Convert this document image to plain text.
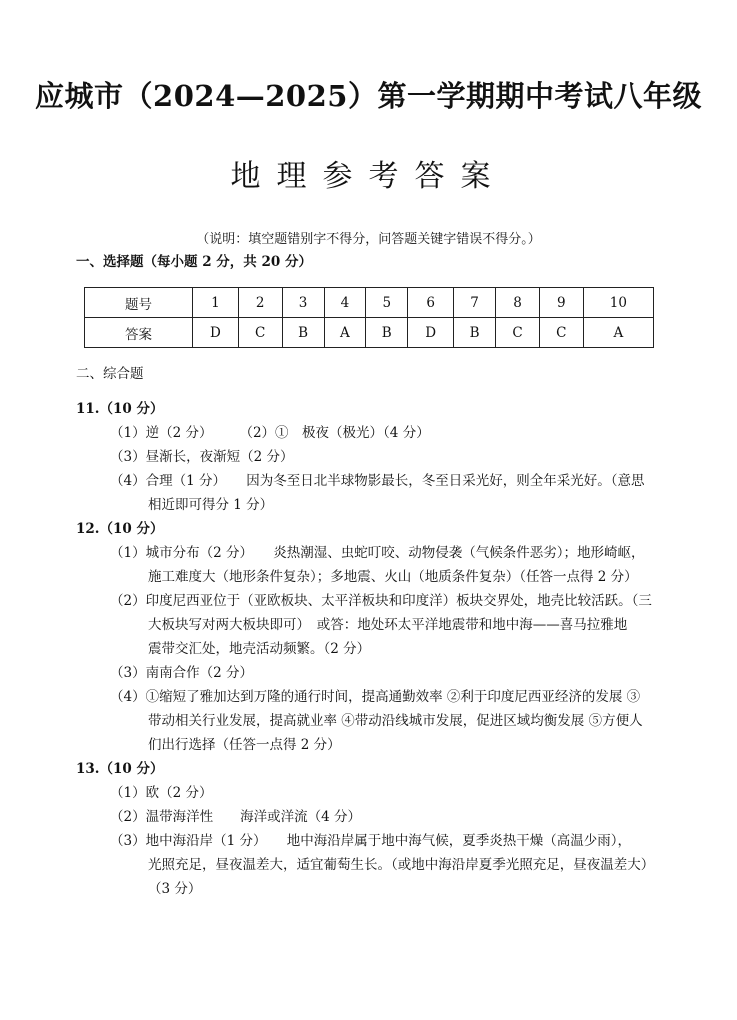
应城市（2024—2025）第一学期期中考试八年级
地理参考答案
（说明：填空题错别字不得分，问答题关键字错误不得分。）
一、选择题（每小题 2 分，共 20 分）
题号	1	2	3	4	5	6	7	8	9	10
答案	D	C	B	A	B	D	B	C	C	A
二、综合题
11.（10 分）
（1）逆（2 分）　　　（2）①　极夜（极光）（4 分）
（3）昼渐长，夜渐短（2 分）
（4）合理（1 分）　　因为冬至日北半球物影最长，冬至日采光好，则全年采光好。（意思
相近即可得分 1 分）
12.（10 分）
（1）城市分布（2 分）　　炎热潮湿、虫蛇叮咬、动物侵袭（气候条件恶劣）；地形崎岖，
施工难度大（地形条件复杂）；多地震、火山（地质条件复杂）（任答一点得 2 分）
（2）印度尼西亚位于（亚欧板块、太平洋板块和印度洋）板块交界处，地壳比较活跃。（三
大板块写对两大板块即可）　或答：地处环太平洋地震带和地中海——喜马拉雅地
震带交汇处，地壳活动频繁。（2 分）
（3）南南合作（2 分）
（4）①缩短了雅加达到万隆的通行时间，提高通勤效率 ②利于印度尼西亚经济的发展 ③
带动相关行业发展，提高就业率 ④带动沿线城市发展，促进区域均衡发展 ⑤方便人
们出行选择（任答一点得 2 分）
13.（10 分）
（1）欧（2 分）
（2）温带海洋性　　海洋或洋流（4 分）
（3）地中海沿岸（1 分）　　地中海沿岸属于地中海气候，夏季炎热干燥（高温少雨），
光照充足，昼夜温差大，适宜葡萄生长。（或地中海沿岸夏季光照充足，昼夜温差大）
（3 分）
